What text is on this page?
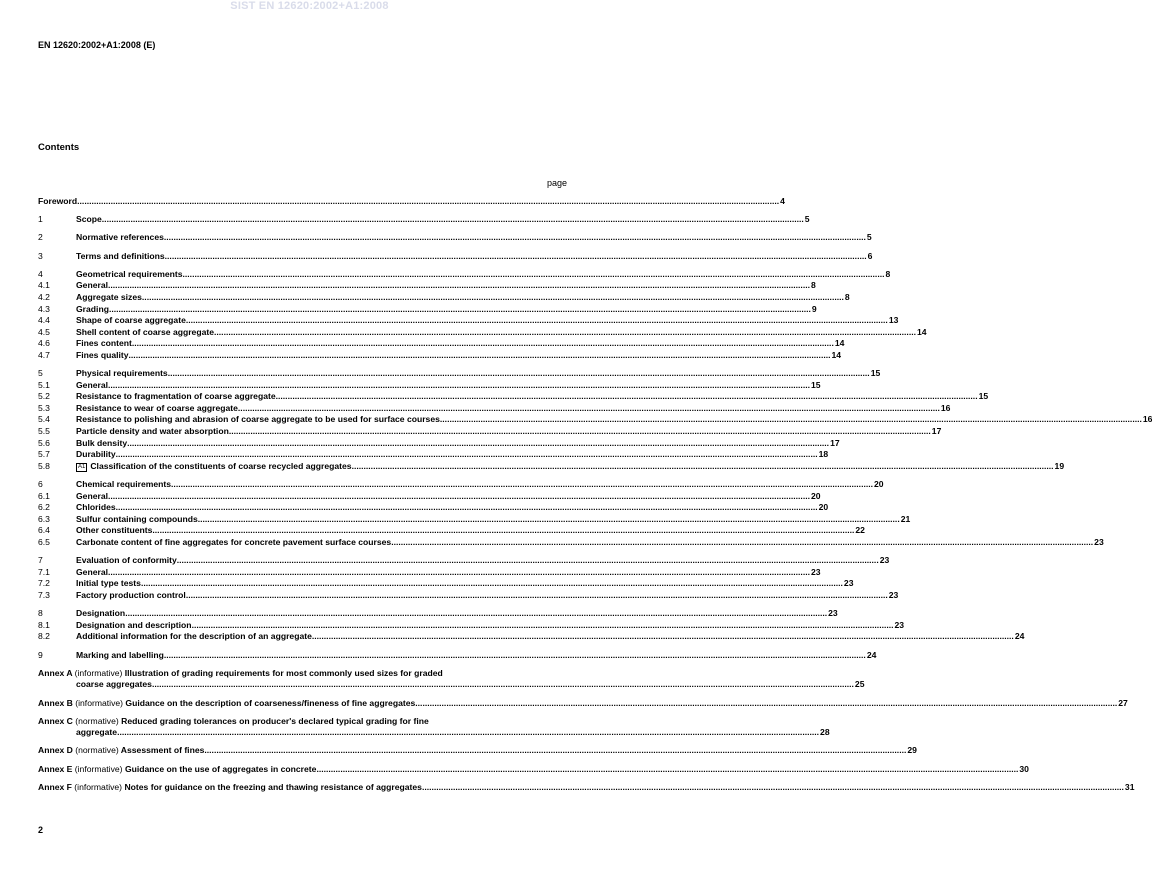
SIST EN 12620:2002+A1:2008
EN 12620:2002+A1:2008 (E)
Contents
page
Foreword .....	4
1	Scope .....	5
2	Normative references .....	5
3	Terms and definitions .....	6
4	Geometrical requirements .....	8
4.1	General .....	8
4.2	Aggregate sizes .....	8
4.3	Grading .....	9
4.4	Shape of coarse aggregate .....	13
4.5	Shell content of coarse aggregate .....	14
4.6	Fines content .....	14
4.7	Fines quality .....	14
5	Physical requirements .....	15
5.1	General .....	15
5.2	Resistance to fragmentation of coarse aggregate .....	15
5.3	Resistance to wear of coarse aggregate .....	16
5.4	Resistance to polishing and abrasion of coarse aggregate to be used for surface courses .....	16
5.5	Particle density and water absorption .....	17
5.6	Bulk density .....	17
5.7	Durability .....	18
5.8	A1 Classification of the constituents of coarse recycled aggregates .....	19
6	Chemical requirements .....	20
6.1	General .....	20
6.2	Chlorides .....	20
6.3	Sulfur containing compounds .....	21
6.4	Other constituents .....	22
6.5	Carbonate content of fine aggregates for concrete pavement surface courses .....	23
7	Evaluation of conformity .....	23
7.1	General .....	23
7.2	Initial type tests .....	23
7.3	Factory production control .....	23
8	Designation .....	23
8.1	Designation and description .....	23
8.2	Additional information for the description of an aggregate .....	24
9	Marking and labelling .....	24
Annex A (informative) Illustration of grading requirements for most commonly used sizes for graded
coarse aggregates .....	25
Annex B (informative) Guidance on the description of coarseness/fineness of fine aggregates .....	27
Annex C (normative) Reduced grading tolerances on producer's declared typical grading for fine
aggregate .....	28
Annex D (normative) Assessment of fines .....	29
Annex E (informative) Guidance on the use of aggregates in concrete .....	30
Annex F (informative) Notes for guidance on the freezing and thawing resistance of aggregates .....	31
2
